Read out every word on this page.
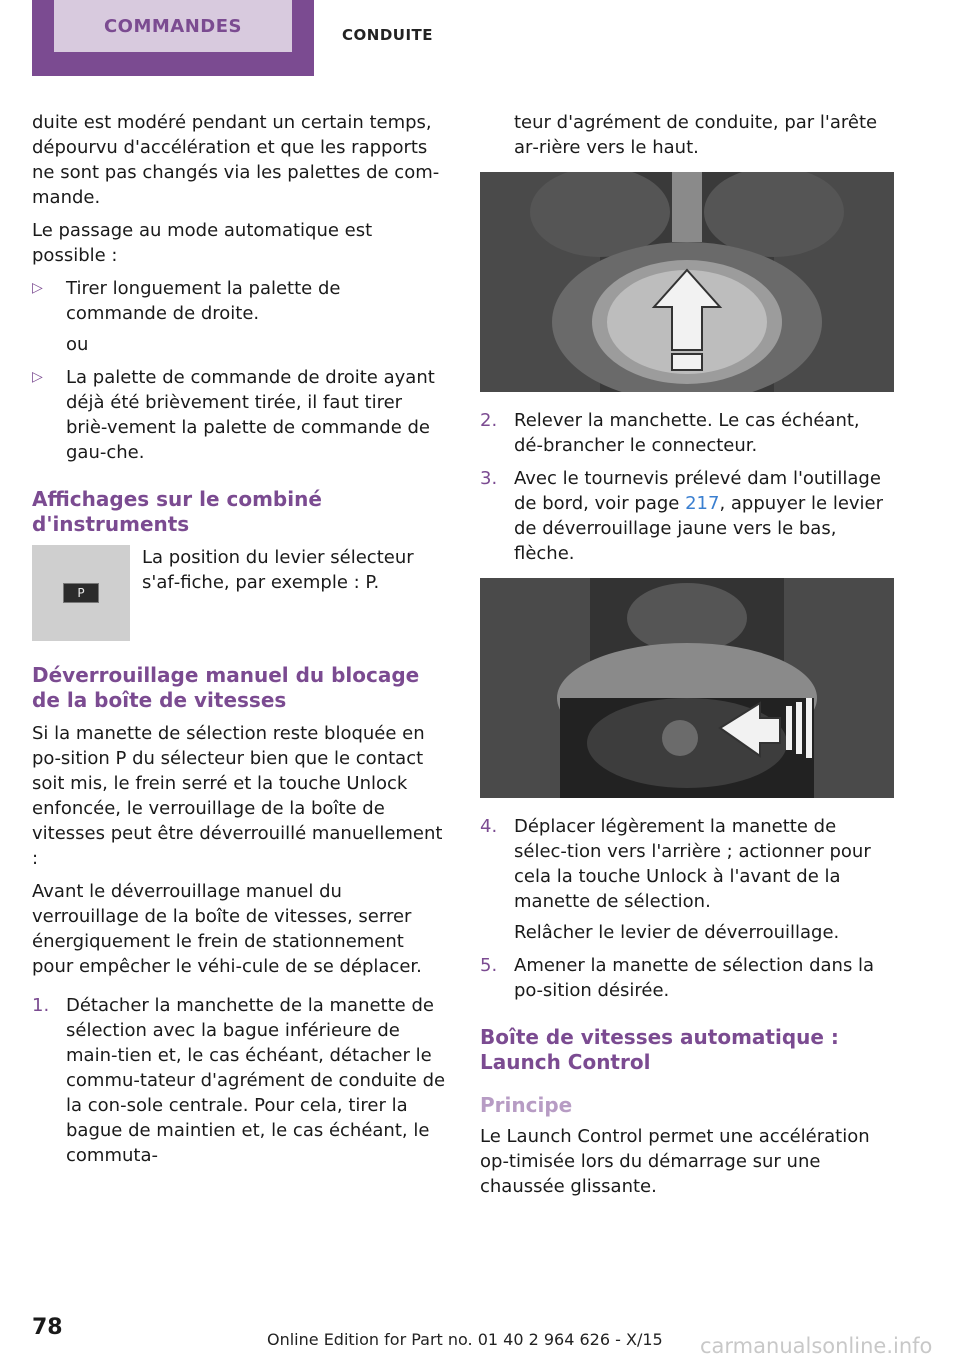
COMMANDES	CONDUITE

duite est modéré pendant un certain temps, dépourvu d'accélération et que les rapports ne sont pas changés via les palettes de com‐mande.

Le passage au mode automatique est possible :

▷ Tirer longuement la palette de commande de droite.

ou

▷ La palette de commande de droite ayant déjà été brièvement tirée, il faut tirer briè‐vement la palette de commande de gau‐che.
Affichages sur le combiné d'instruments
P

La position du levier sélecteur s'af‐fiche, par exemple : P.

Déverrouillage manuel du blocage de la boîte de vitesses

Si la manette de sélection reste bloquée en po‐sition P du sélecteur bien que le contact soit mis, le frein serré et la touche Unlock enfoncée, le verrouillage de la boîte de vitesses peut être déverrouillé manuellement :

Avant le déverrouillage manuel du verrouillage de la boîte de vitesses, serrer énergiquement le frein de stationnement pour empêcher le véhi‐cule de se déplacer.

1. Détacher la manchette de la manette de sélection avec la bague inférieure de main‐tien et, le cas échéant, détacher le commu‐tateur d'agrément de conduite de la con‐sole centrale. Pour cela, tirer la bague de maintien et, le cas échéant, le commuta‐

teur d'agrément de conduite, par l'arête ar‐rière vers le haut.

2. Relever la manchette. Le cas échéant, dé‐brancher le connecteur.
3. Avec le tournevis prélevé dam l'outillage de bord, voir page 217, appuyer le levier de déverrouillage jaune vers le bas, flèche.
4. Déplacer légèrement la manette de sélec‐tion vers l'arrière ; actionner pour cela la touche Unlock à l'avant de la manette de sélection.

Relâcher le levier de déverrouillage.

5. Amener la manette de sélection dans la po‐sition désirée.
Boîte de vitesses automatique : Launch Control
Principe

Le Launch Control permet une accélération op‐timisée lors du démarrage sur une chaussée glissante.

78	Online Edition for Part no. 01 40 2 964 626 - X/15 carmanualsonline.info
